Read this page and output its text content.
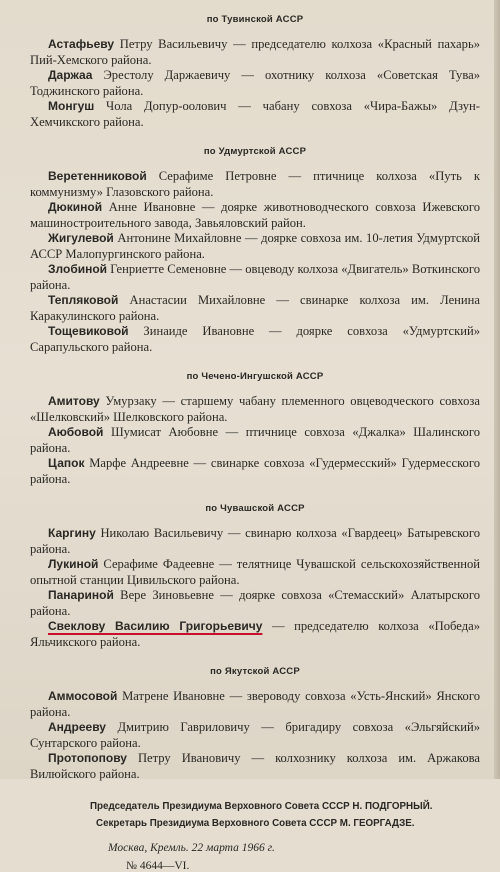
по Тувинской АССР

Астафьеву Петру Васильевичу — председателю колхоза «Красный пахарь» Пий-Хемского района.

Даржаа Эрестолу Даржаевичу — охотнику колхоза «Советская Тува» Тоджинского района.

Монгуш Чола Допур-оолович — чабану совхоза «Чира-Бажы» Дзун-Хемчикского района.

по Удмуртской АССР

Веретенниковой Серафиме Петровне — птичнице колхоза «Путь к коммунизму» Глазовского района.

Дюкиной Анне Ивановне — доярке животноводческого совхоза Ижевского машиностроительного завода, Завьяловский район.

Жигулевой Антонине Михайловне — доярке совхоза им. 10-летия Удмуртской АССР Малопургинского района.

Злобиной Генриетте Семеновне — овцеводу колхоза «Двигатель» Воткинского района.

Тепляковой Анастасии Михайловне — свинарке колхоза им. Ленина Каракулинского района.

Тощевиковой Зинаиде Ивановне — доярке совхоза «Удмуртский» Сарапульского района.

по Чечено-Ингушской АССР

Амитову Умурзаку — старшему чабану племенного овцеводческого совхоза «Шелковский» Шелковского района.

Аюбовой Шумисат Аюбовне — птичнице совхоза «Джалка» Шалинского района.

Цапок Марфе Андреевне — свинарке совхоза «Гудермесский» Гудермесского района.

по Чувашской АССР

Каргину Николаю Васильевичу — свинарю колхоза «Гвардеец» Батыревского района.

Лукиной Серафиме Фадеевне — телятнице Чувашской сельскохозяйственной опытной станции Цивильского района.

Панариной Вере Зиновьевне — доярке совхоза «Стемасский» Алатырского района.

Свеклову Василию Григорьевичу — председателю колхоза «Победа» Яльчикского района.

по Якутской АССР

Аммосовой Матрене Ивановне — звероводу совхоза «Усть-Янский» Янского района.

Андрееву Дмитрию Гавриловичу — бригадиру совхоза «Эльгяйский» Сунтарского района.

Протопопову Петру Ивановичу — колхознику колхоза им. Аржакова Вилюйского района.

Председатель Президиума Верховного Совета СССР Н. ПОДГОРНЫЙ.
Секретарь Президиума Верховного Совета СССР М. ГЕОРГАДЗЕ.
Москва, Кремль. 22 марта 1966 г.
№ 4644—VI.
